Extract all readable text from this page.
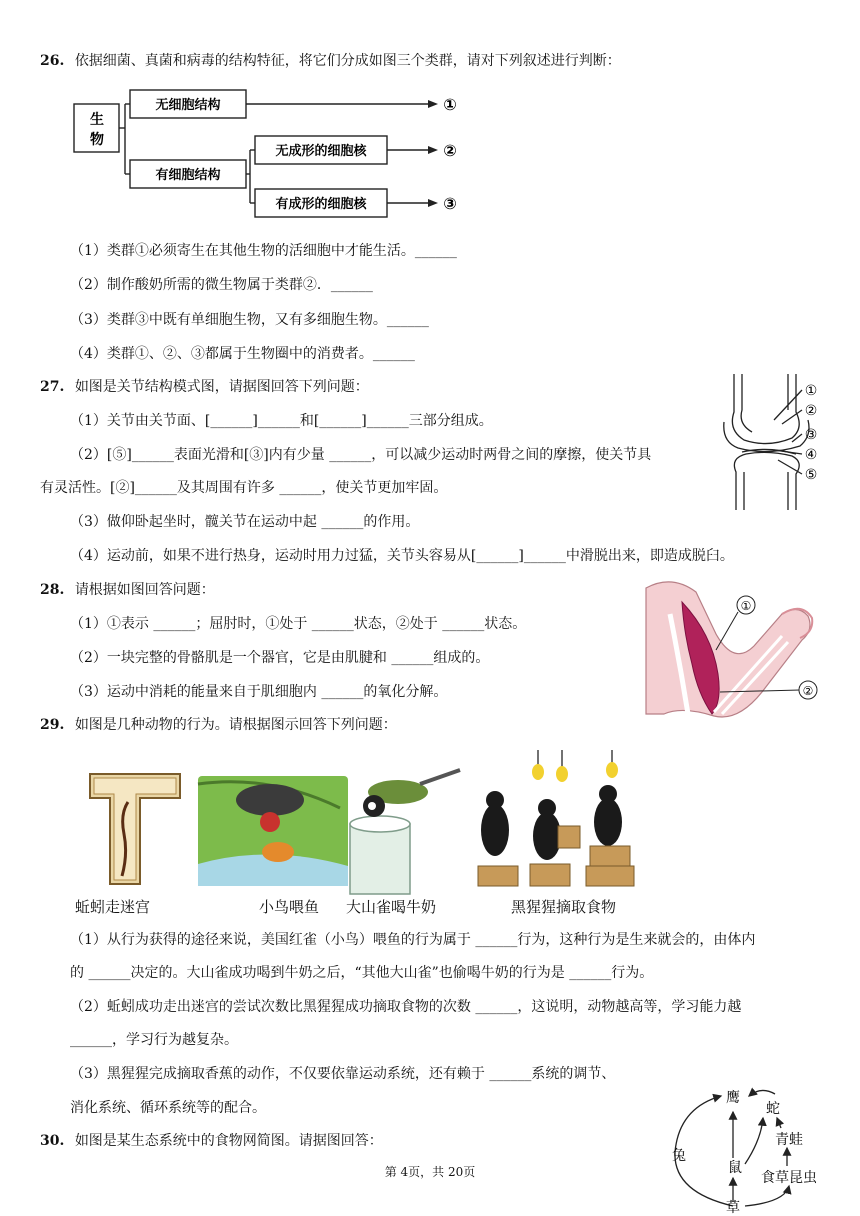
26. 依据细菌、真菌和病毒的结构特征，将它们分成如图三个类群，请对下列叙述进行判断：
生
物
无细胞结构
有细胞结构
无成形的细胞核
有成形的细胞核
①
②
③
（1）类群①必须寄生在其他生物的活细胞中才能生活。______
（2）制作酸奶所需的微生物属于类群②．______
（3）类群③中既有单细胞生物，又有多细胞生物。______
（4）类群①、②、③都属于生物圈中的消费者。______
27. 如图是关节结构模式图，请据图回答下列问题：
（1）关节由关节面、[______]______和[______]______三部分组成。
（2）[⑤]______表面光滑和[③]内有少量 ______，可以减少运动时两骨之间的摩擦，使关节具
有灵活性。[②]______及其周围有许多 ______，使关节更加牢固。
（3）做仰卧起坐时，髋关节在运动中起 ______的作用。
（4）运动前，如果不进行热身，运动时用力过猛，关节头容易从[______]______中滑脱出来，即造成脱臼。
①
②
③
④
⑤
28. 请根据如图回答问题：
（1）①表示 ______；屈肘时，①处于 ______状态，②处于 ______状态。
（2）一块完整的骨骼肌是一个器官，它是由肌腱和 ______组成的。
（3）运动中消耗的能量来自于肌细胞内 ______的氧化分解。
①
②
29. 如图是几种动物的行为。请根据图示回答下列问题：
蚯蚓走迷宫	小鸟喂鱼 大山雀喝牛奶	黑猩猩摘取食物
（1）从行为获得的途径来说，美国红雀（小鸟）喂鱼的行为属于 ______行为，这种行为是生来就会的，由体内
的 ______决定的。大山雀成功喝到牛奶之后，“其他大山雀”也偷喝牛奶的行为是 ______行为。
（2）蚯蚓成功走出迷宫的尝试次数比黑猩猩成功摘取食物的次数 ______，这说明，动物越高等，学习能力越
______，学习行为越复杂。
（3）黑猩猩完成摘取香蕉的动作，不仅要依靠运动系统，还有赖于 ______系统的调节、
消化系统、循环系统等的配合。
30. 如图是某生态系统中的食物网简图。请据图回答：
鹰
蛇
青蛙
鼠
兔
食草昆虫
草
第 4页，共 20页
